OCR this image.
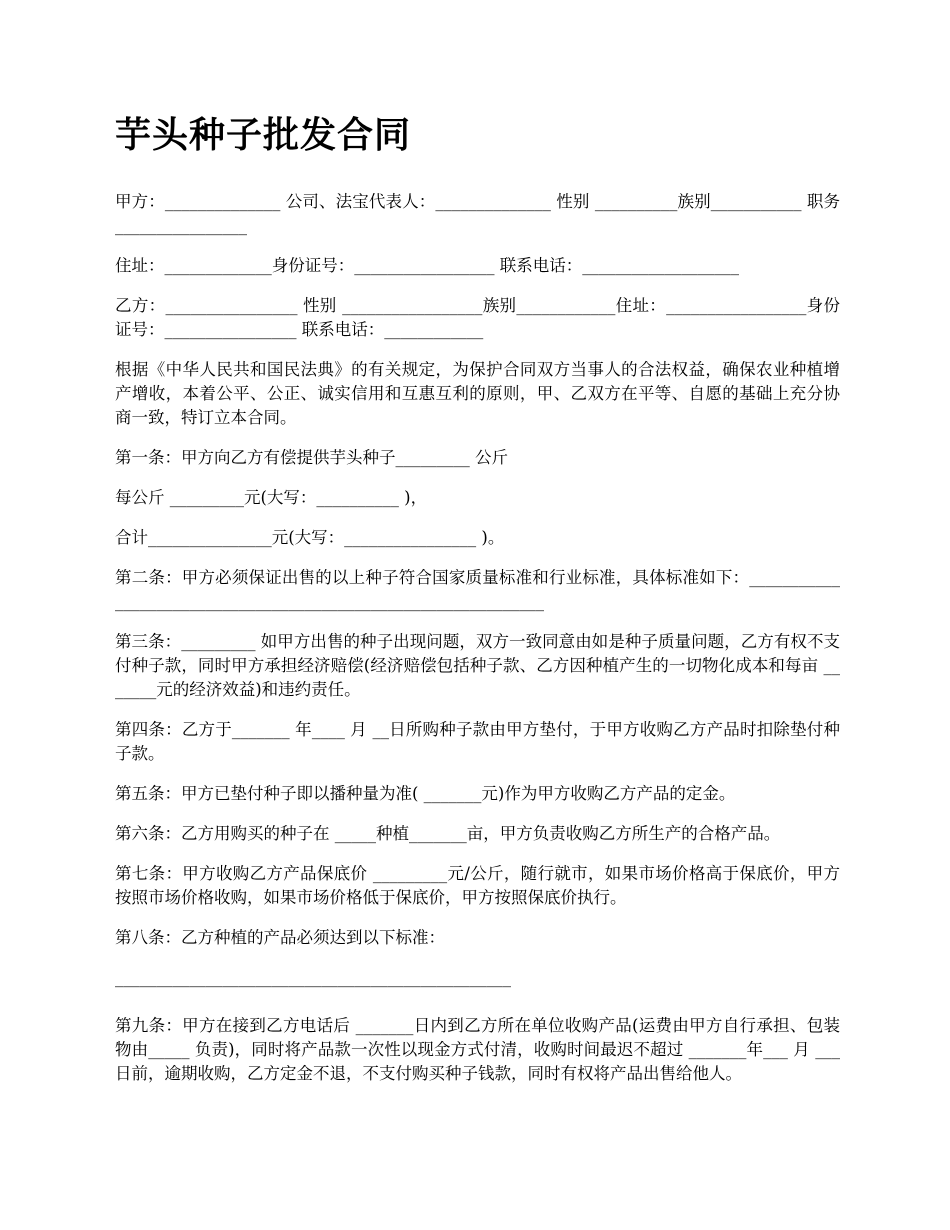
芋头种子批发合同

甲方：______________ 公司、法宝代表人：______________ 性别 __________族别___________ 职务________________

住址：_____________身份证号：_________________ 联系电话：___________________

乙方：________________ 性别 _________________族别____________住址：_________________身份证号：________________ 联系电话：____________

根据《中华人民共和国民法典》的有关规定，为保护合同双方当事人的合法权益，确保农业种植增产增收，本着公平、公正、诚实信用和互惠互利的原则，甲、乙双方在平等、自愿的基础上充分协商一致，特订立本合同。

第一条：甲方向乙方有偿提供芋头种子_________ 公斤

每公斤 _________元(大写：__________ )，

合计_______________元(大写：________________ )。

第二条：甲方必须保证出售的以上种子符合国家质量标准和行业标准，具体标准如下：_______________________________________________________________

第三条：_________ 如甲方出售的种子出现问题，双方一致同意由如是种子质量问题，乙方有权不支付种子款，同时甲方承担经济赔偿(经济赔偿包括种子款、乙方因种植产生的一切物化成本和每亩 _______元的经济效益)和违约责任。

第四条：乙方于_______ 年____ 月 __日所购种子款由甲方垫付，于甲方收购乙方产品时扣除垫付种子款。

第五条：甲方已垫付种子即以播种量为准( _______元)作为甲方收购乙方产品的定金。

第六条：乙方用购买的种子在 _____种植_______亩，甲方负责收购乙方所生产的合格产品。

第七条：甲方收购乙方产品保底价 _________元/公斤，随行就市，如果市场价格高于保底价，甲方按照市场价格收购，如果市场价格低于保底价，甲方按照保底价执行。

第八条：乙方种植的产品必须达到以下标准：

________________________________________________

第九条：甲方在接到乙方电话后 _______日内到乙方所在单位收购产品(运费由甲方自行承担、包装物由_____ 负责)，同时将产品款一次性以现金方式付清，收购时间最迟不超过 _______年___ 月 ___日前，逾期收购，乙方定金不退，不支付购买种子钱款，同时有权将产品出售给他人。
